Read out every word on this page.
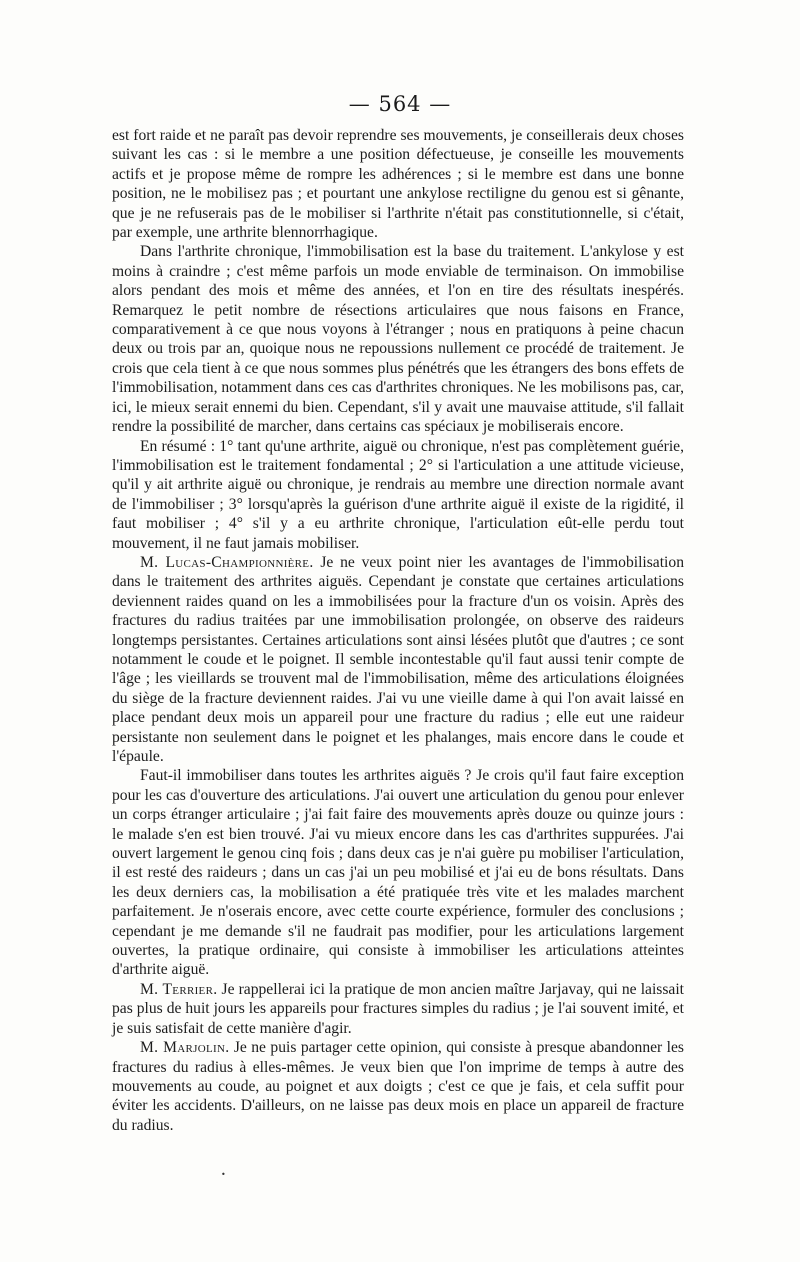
— 564 —

est fort raide et ne paraît pas devoir reprendre ses mouvements, je conseillerais deux choses suivant les cas : si le membre a une position défectueuse, je conseille les mouvements actifs et je propose même de rompre les adhérences ; si le membre est dans une bonne position, ne le mobilisez pas ; et pourtant une ankylose rectiligne du genou est si gênante, que je ne refuserais pas de le mobiliser si l'arthrite n'était pas constitutionnelle, si c'était, par exemple, une arthrite blennorrhagique.

Dans l'arthrite chronique, l'immobilisation est la base du traitement. L'ankylose y est moins à craindre ; c'est même parfois un mode enviable de terminaison. On immobilise alors pendant des mois et même des années, et l'on en tire des résultats inespérés. Remarquez le petit nombre de résections articulaires que nous faisons en France, comparativement à ce que nous voyons à l'étranger ; nous en pratiquons à peine chacun deux ou trois par an, quoique nous ne repoussions nullement ce procédé de traitement. Je crois que cela tient à ce que nous sommes plus pénétrés que les étrangers des bons effets de l'immobilisation, notamment dans ces cas d'arthrites chroniques. Ne les mobilisons pas, car, ici, le mieux serait ennemi du bien. Cependant, s'il y avait une mauvaise attitude, s'il fallait rendre la possibilité de marcher, dans certains cas spéciaux je mobiliserais encore.

En résumé : 1° tant qu'une arthrite, aiguë ou chronique, n'est pas complètement guérie, l'immobilisation est le traitement fondamental ; 2° si l'articulation a une attitude vicieuse, qu'il y ait arthrite aiguë ou chronique, je rendrais au membre une direction normale avant de l'immobiliser ; 3° lorsqu'après la guérison d'une arthrite aiguë il existe de la rigidité, il faut mobiliser ; 4° s'il y a eu arthrite chronique, l'articulation eût-elle perdu tout mouvement, il ne faut jamais mobiliser.

M. Lucas-Championnière. Je ne veux point nier les avantages de l'immobilisation dans le traitement des arthrites aiguës. Cependant je constate que certaines articulations deviennent raides quand on les a immobilisées pour la fracture d'un os voisin. Après des fractures du radius traitées par une immobilisation prolongée, on observe des raideurs longtemps persistantes. Certaines articulations sont ainsi lésées plutôt que d'autres ; ce sont notamment le coude et le poignet. Il semble incontestable qu'il faut aussi tenir compte de l'âge ; les vieillards se trouvent mal de l'immobilisation, même des articulations éloignées du siège de la fracture deviennent raides. J'ai vu une vieille dame à qui l'on avait laissé en place pendant deux mois un appareil pour une fracture du radius ; elle eut une raideur persistante non seulement dans le poignet et les phalanges, mais encore dans le coude et l'épaule.

Faut-il immobiliser dans toutes les arthrites aiguës ? Je crois qu'il faut faire exception pour les cas d'ouverture des articulations. J'ai ouvert une articulation du genou pour enlever un corps étranger articulaire ; j'ai fait faire des mouvements après douze ou quinze jours : le malade s'en est bien trouvé. J'ai vu mieux encore dans les cas d'arthrites suppurées. J'ai ouvert largement le genou cinq fois ; dans deux cas je n'ai guère pu mobiliser l'articulation, il est resté des raideurs ; dans un cas j'ai un peu mobilisé et j'ai eu de bons résultats. Dans les deux derniers cas, la mobilisation a été pratiquée très vite et les malades marchent parfaitement. Je n'oserais encore, avec cette courte expérience, formuler des conclusions ; cependant je me demande s'il ne faudrait pas modifier, pour les articulations largement ouvertes, la pratique ordinaire, qui consiste à immobiliser les articulations atteintes d'arthrite aiguë.

M. Terrier. Je rappellerai ici la pratique de mon ancien maître Jarjavay, qui ne laissait pas plus de huit jours les appareils pour fractures simples du radius ; je l'ai souvent imité, et je suis satisfait de cette manière d'agir.

M. Marjolin. Je ne puis partager cette opinion, qui consiste à presque abandonner les fractures du radius à elles-mêmes. Je veux bien que l'on imprime de temps à autre des mouvements au coude, au poignet et aux doigts ; c'est ce que je fais, et cela suffit pour éviter les accidents. D'ailleurs, on ne laisse pas deux mois en place un appareil de fracture du radius.

•
